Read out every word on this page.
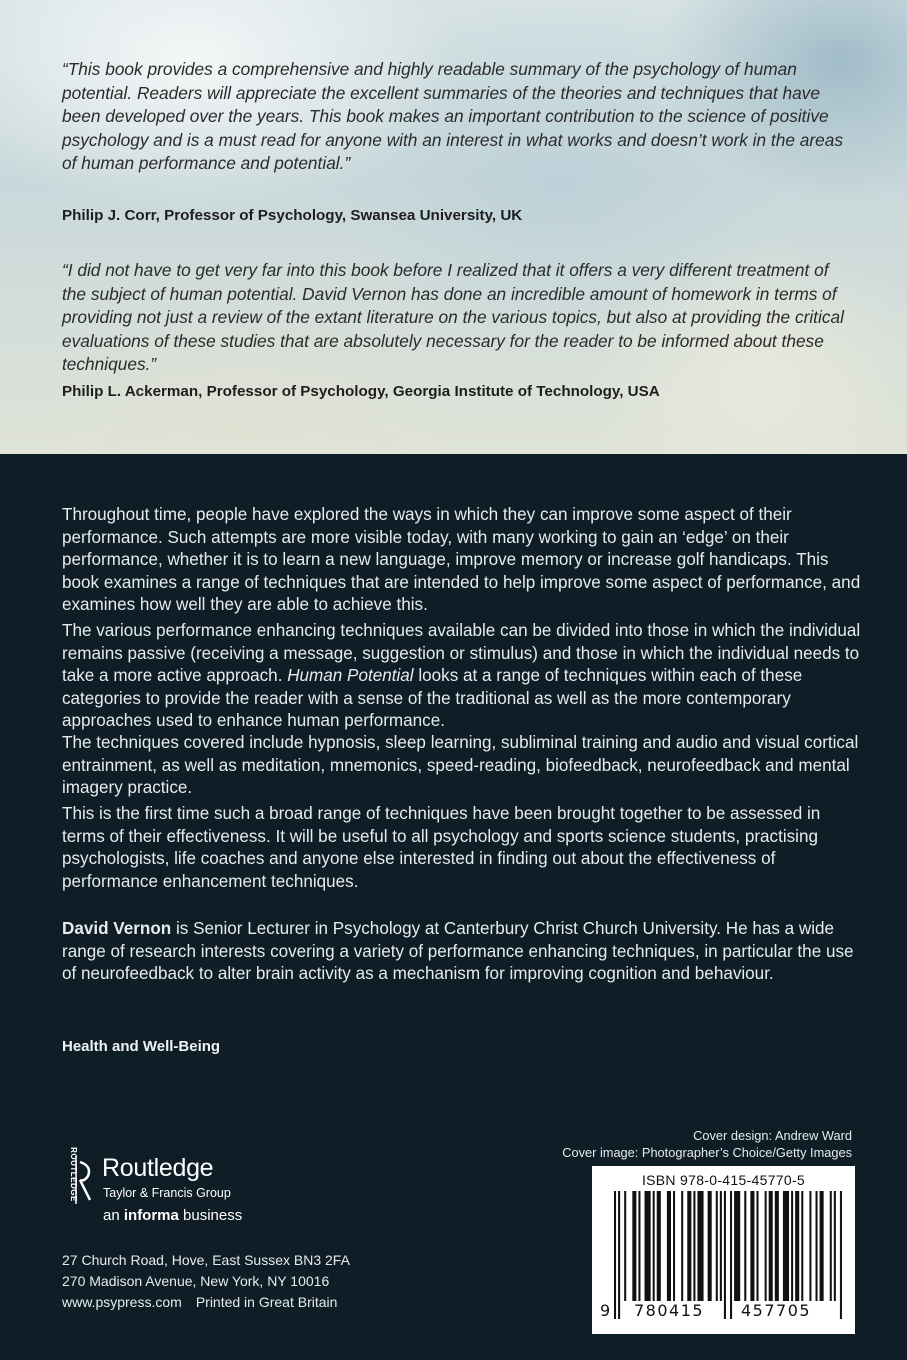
“This book provides a comprehensive and highly readable summary of the psychology of human potential. Readers will appreciate the excellent summaries of the theories and techniques that have been developed over the years. This book makes an important contribution to the science of positive psychology and is a must read for anyone with an interest in what works and doesn’t work in the areas of human performance and potential.”

Philip J. Corr, Professor of Psychology, Swansea University, UK

“I did not have to get very far into this book before I realized that it offers a very different treatment of the subject of human potential. David Vernon has done an incredible amount of homework in terms of providing not just a review of the extant literature on the various topics, but also at providing the critical evaluations of these studies that are absolutely necessary for the reader to be informed about these techniques.”

Philip L. Ackerman, Professor of Psychology, Georgia Institute of Technology, USA

Throughout time, people have explored the ways in which they can improve some aspect of their performance. Such attempts are more visible today, with many working to gain an ‘edge’ on their performance, whether it is to learn a new language, improve memory or increase golf handicaps. This book examines a range of techniques that are intended to help improve some aspect of performance, and examines how well they are able to achieve this.

The various performance enhancing techniques available can be divided into those in which the individual remains passive (receiving a message, suggestion or stimulus) and those in which the individual needs to take a more active approach. Human Potential looks at a range of techniques within each of these categories to provide the reader with a sense of the traditional as well as the more contemporary approaches used to enhance human performance.

The techniques covered include hypnosis, sleep learning, subliminal training and audio and visual cortical entrainment, as well as meditation, mnemonics, speed-reading, biofeedback, neurofeedback and mental imagery practice.

This is the first time such a broad range of techniques have been brought together to be assessed in terms of their effectiveness. It will be useful to all psychology and sports science students, practising psychologists, life coaches and anyone else interested in finding out about the effectiveness of performance enhancement techniques.

David Vernon is Senior Lecturer in Psychology at Canterbury Christ Church University. He has a wide range of research interests covering a variety of performance enhancing techniques, in particular the use of neurofeedback to alter brain activity as a mechanism for improving cognition and behaviour.

Health and Well-Being

ROUTLEDGE Routledge

Taylor & Francis Group

an informa business

27 Church Road, Hove, East Sussex BN3 2FA

270 Madison Avenue, New York, NY 10016

www.psypress.com Printed in Great Britain

Cover design: Andrew Ward

Cover image: Photographer’s Choice/Getty Images

ISBN 978-0-415-45770-5

9 780415 457705
